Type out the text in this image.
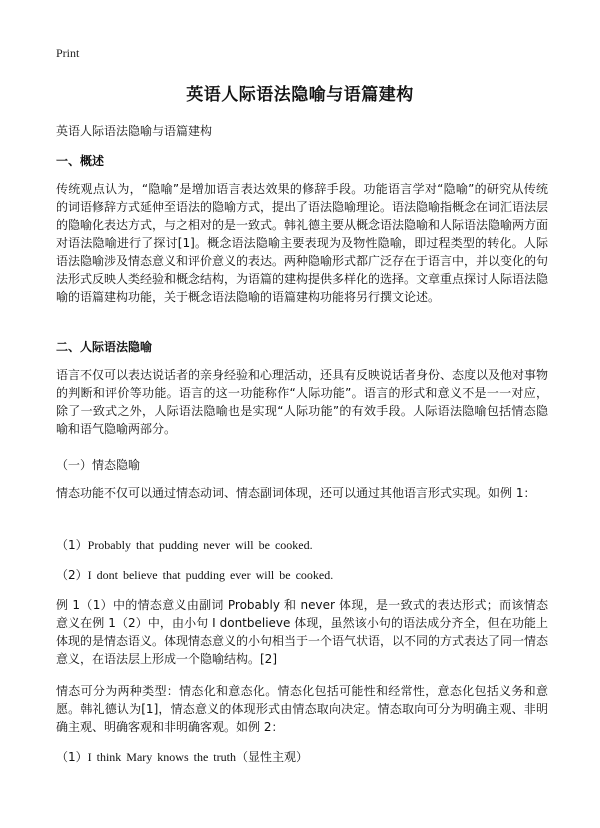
Print
英语人际语法隐喻与语篇建构
英语人际语法隐喻与语篇建构
一、概述
传统观点认为，“隐喻”是增加语言表达效果的修辞手段。功能语言学对“隐喻”的研究从传统的词语修辞方式延伸至语法的隐喻方式，提出了语法隐喻理论。语法隐喻指概念在词汇语法层的隐喻化表达方式，与之相对的是一致式。韩礼德主要从概念语法隐喻和人际语法隐喻两方面对语法隐喻进行了探讨[1]。概念语法隐喻主要表现为及物性隐喻，即过程类型的转化。人际语法隐喻涉及情态意义和评价意义的表达。两种隐喻形式都广泛存在于语言中，并以变化的句法形式反映人类经验和概念结构，为语篇的建构提供多样化的选择。文章重点探讨人际语法隐喻的语篇建构功能，关于概念语法隐喻的语篇建构功能将另行撰文论述。
二、人际语法隐喻
语言不仅可以表达说话者的亲身经验和心理活动，还具有反映说话者身份、态度以及他对事物的判断和评价等功能。语言的这一功能称作“人际功能”。语言的形式和意义不是一一对应，除了一致式之外，人际语法隐喻也是实现“人际功能”的有效手段。人际语法隐喻包括情态隐喻和语气隐喻两部分。
（一）情态隐喻
情态功能不仅可以通过情态动词、情态副词体现，还可以通过其他语言形式实现。如例 1：
（1）Probably that pudding never will be cooked.
（2）I dont believe that pudding ever will be cooked.
例 1（1）中的情态意义由副词 Probably 和 never 体现，是一致式的表达形式；而该情态意义在例 1（2）中，由小句 I dontbelieve 体现，虽然该小句的语法成分齐全，但在功能上体现的是情态语义。体现情态意义的小句相当于一个语气状语，以不同的方式表达了同一情态意义，在语法层上形成一个隐喻结构。[2]
情态可分为两种类型：情态化和意态化。情态化包括可能性和经常性，意态化包括义务和意愿。韩礼德认为[1]，情态意义的体现形式由情态取向决定。情态取向可分为明确主观、非明确主观、明确客观和非明确客观。如例 2：
（1）I think Mary knows the truth（显性主观）
